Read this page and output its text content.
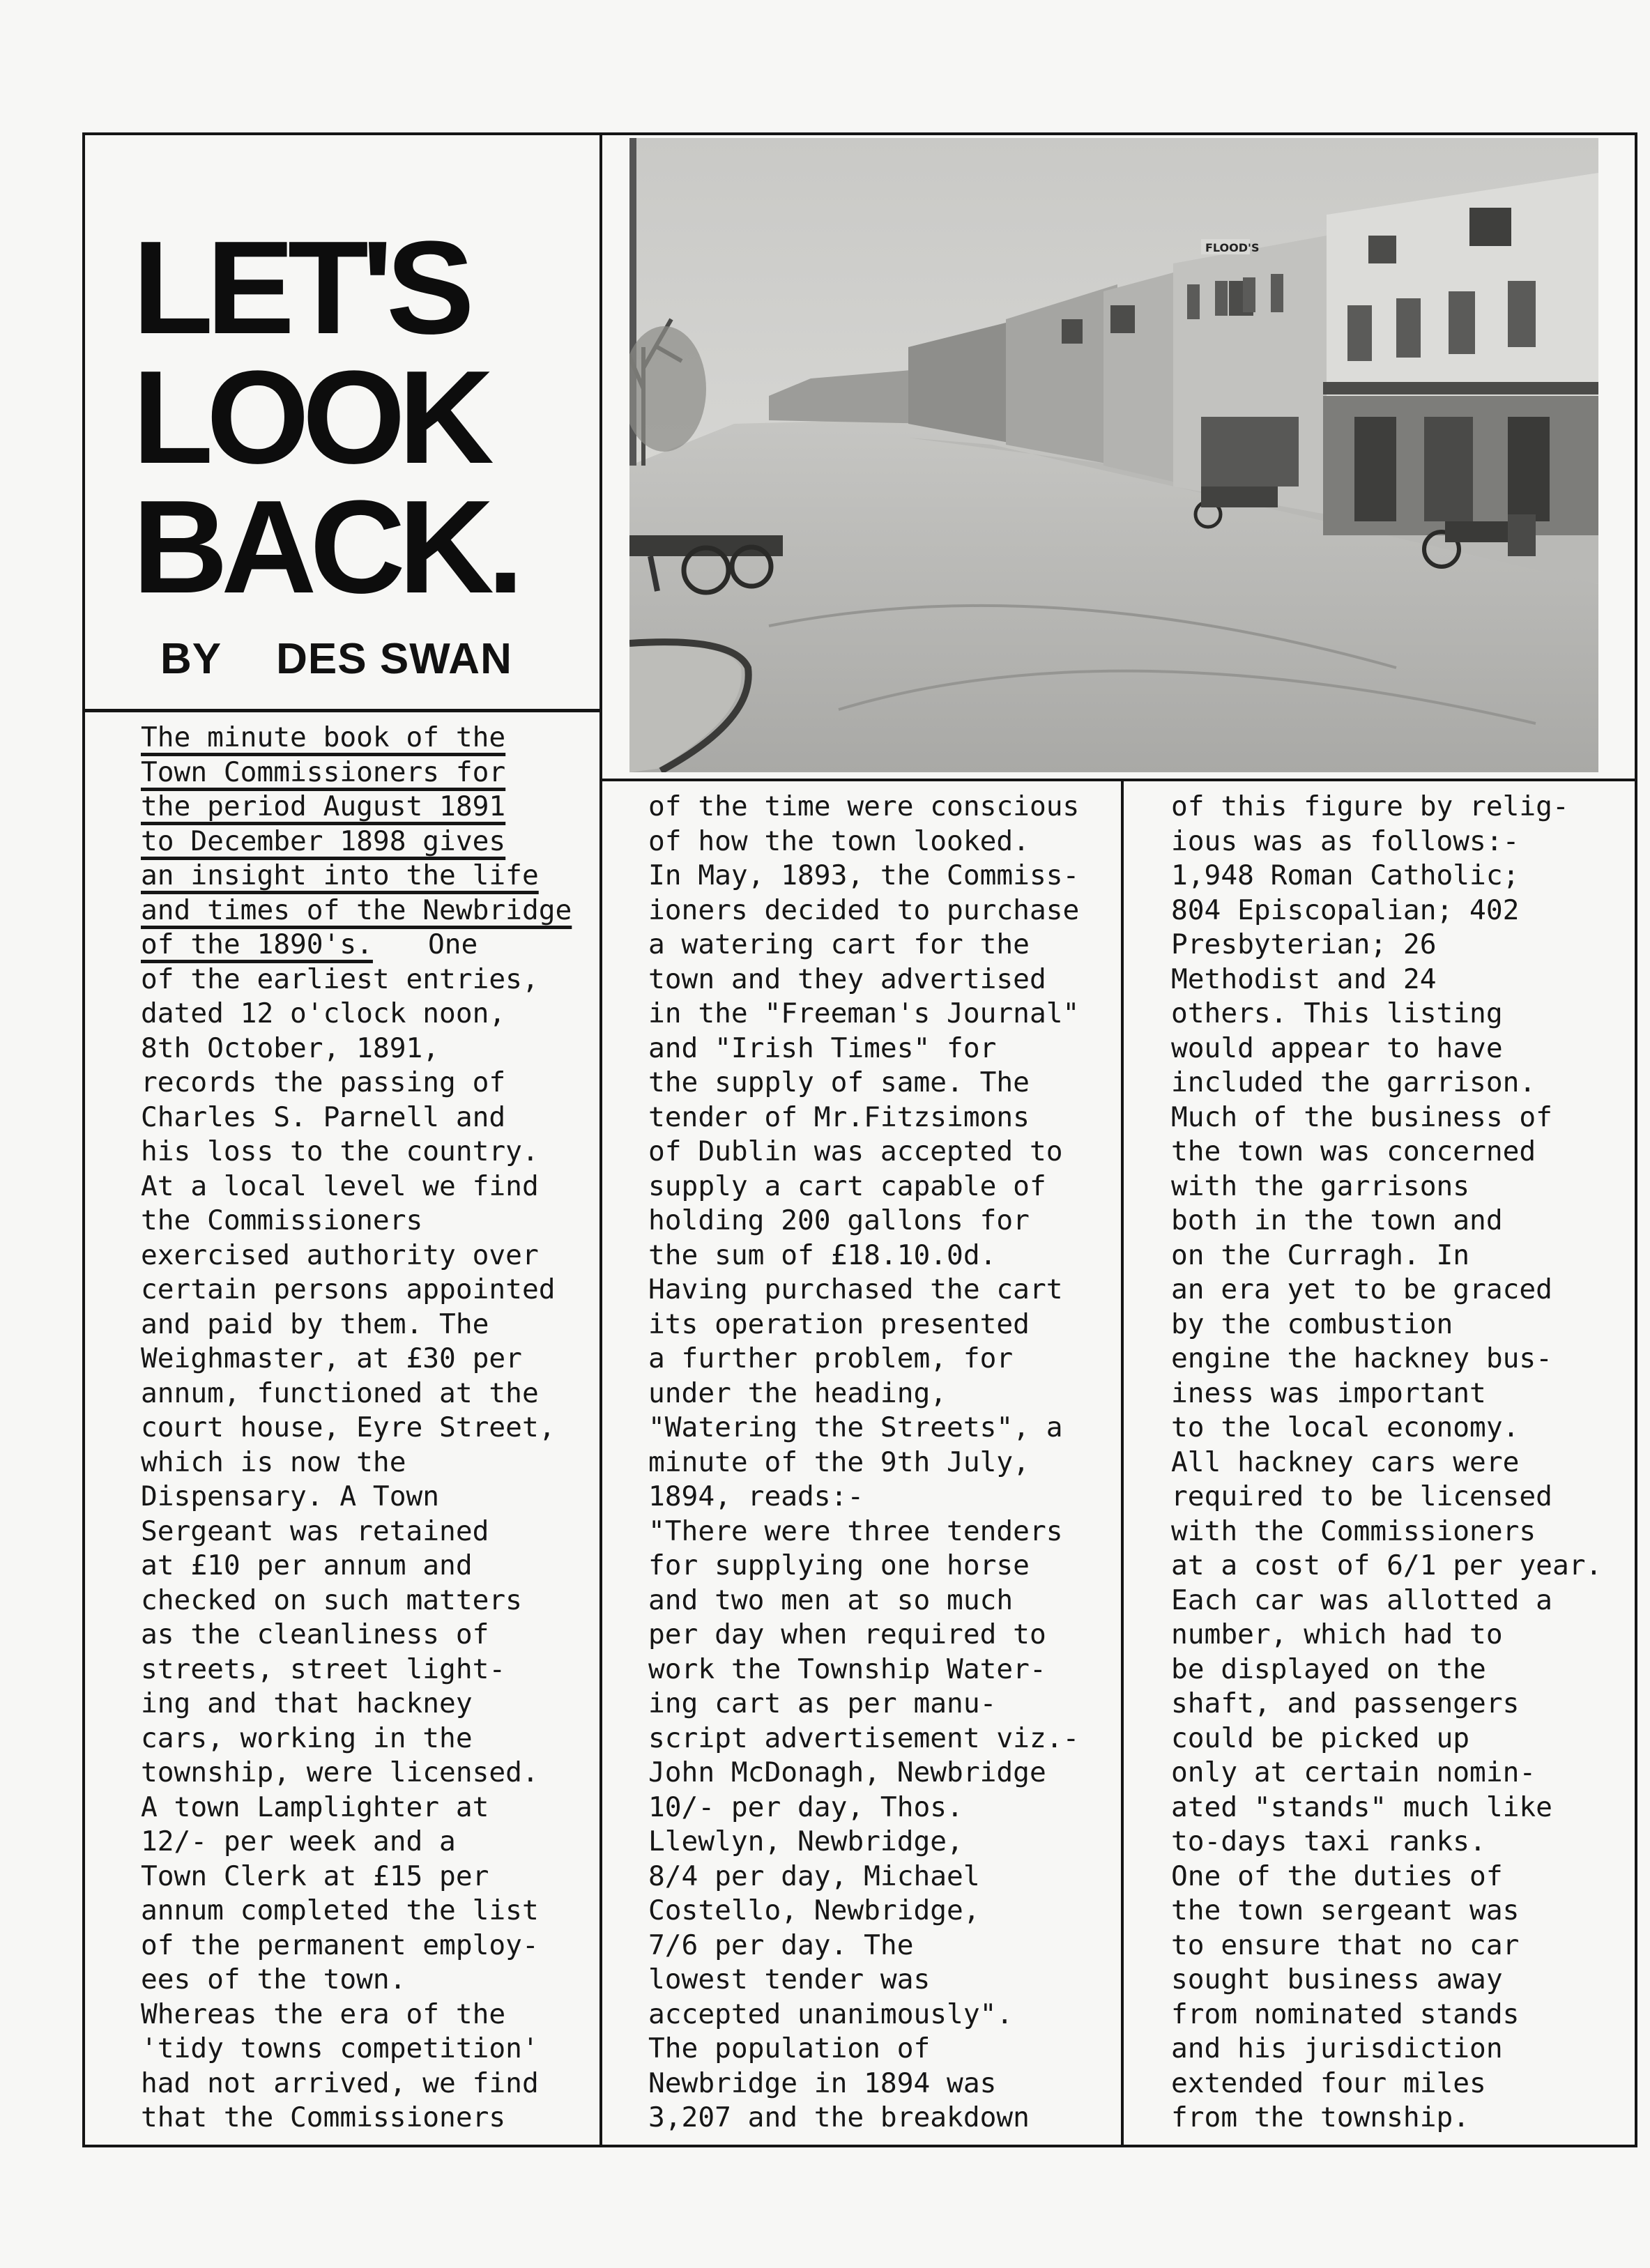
LET'S
LOOK
BACK.
BY DES SWAN
FLOOD'S
The minute book of the
Town Commissioners for
the period August 1891
to December 1898 gives
an insight into the life
and times of the Newbridge
of the 1890's. One
of the earliest entries,
dated 12 o'clock noon,
8th October, 1891,
records the passing of
Charles S. Parnell and
his loss to the country.
At a local level we find
the Commissioners
exercised authority over
certain persons appointed
and paid by them. The
Weighmaster, at £30 per
annum, functioned at the
court house, Eyre Street,
which is now the
Dispensary. A Town
Sergeant was retained
at £10 per annum and
checked on such matters
as the cleanliness of
streets, street light-
ing and that hackney
cars, working in the
township, were licensed.
A town Lamplighter at
12/- per week and a
Town Clerk at £15 per
annum completed the list
of the permanent employ-
ees of the town.
Whereas the era of the
'tidy towns competition'
had not arrived, we find
that the Commissioners
of the time were conscious
of how the town looked.
In May, 1893, the Commiss-
ioners decided to purchase
a watering cart for the
town and they advertised
in the "Freeman's Journal"
and "Irish Times" for
the supply of same. The
tender of Mr.Fitzsimons
of Dublin was accepted to
supply a cart capable of
holding 200 gallons for
the sum of £18.10.0d.
Having purchased the cart
its operation presented
a further problem, for
under the heading,
"Watering the Streets", a
minute of the 9th July,
1894, reads:-
"There were three tenders
for supplying one horse
and two men at so much
per day when required to
work the Township Water-
ing cart as per manu-
script advertisement viz.-
John McDonagh, Newbridge
10/- per day, Thos.
Llewlyn, Newbridge,
8/4 per day, Michael
Costello, Newbridge,
7/6 per day. The
lowest tender was
accepted unanimously".
The population of
Newbridge in 1894 was
3,207 and the breakdown
of this figure by relig-
ious was as follows:-
1,948 Roman Catholic;
804 Episcopalian; 402
Presbyterian; 26
Methodist and 24
others. This listing
would appear to have
included the garrison.
Much of the business of
the town was concerned
with the garrisons
both in the town and
on the Curragh. In
an era yet to be graced
by the combustion
engine the hackney bus-
iness was important
to the local economy.
All hackney cars were
required to be licensed
with the Commissioners
at a cost of 6/1 per year.
Each car was allotted a
number, which had to
be displayed on the
shaft, and passengers
could be picked up
only at certain nomin-
ated "stands" much like
to-days taxi ranks.
One of the duties of
the town sergeant was
to ensure that no car
sought business away
from nominated stands
and his jurisdiction
extended four miles
from the township.
